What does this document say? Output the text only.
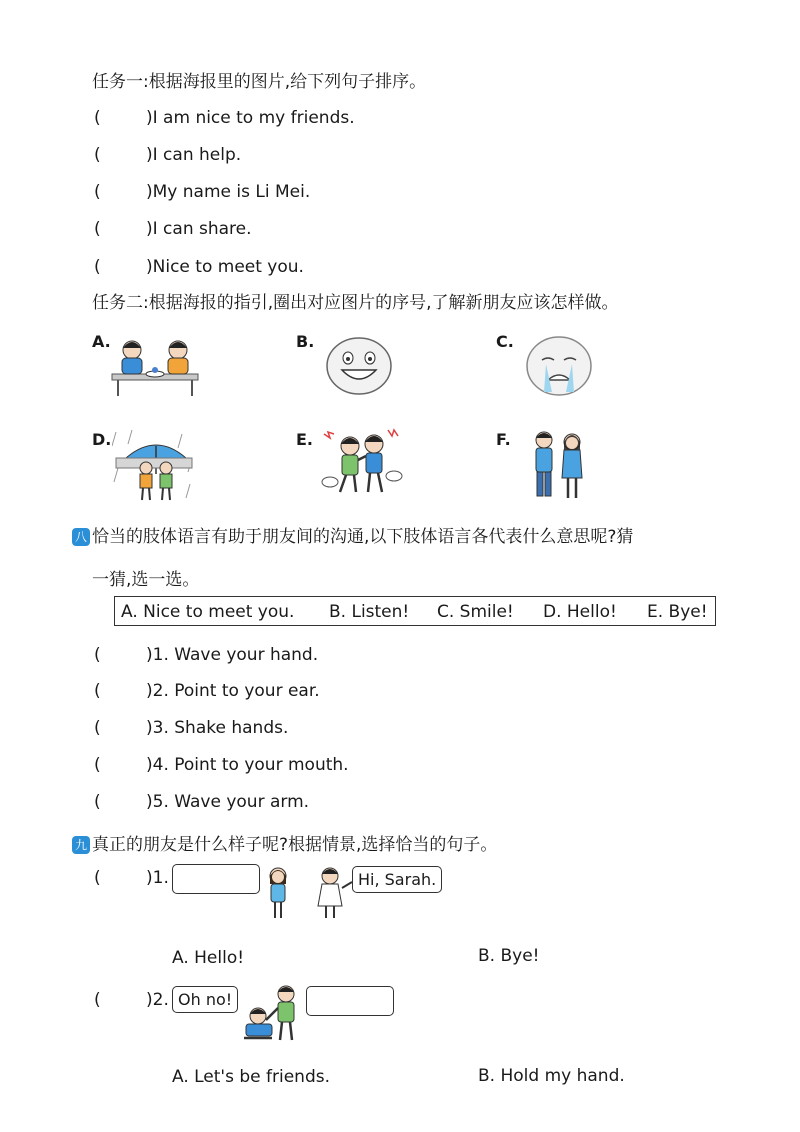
任务一:根据海报里的图片,给下列句子排序。
(	)I am nice to my friends.
(	)I can help.
(	)My name is Li Mei.
(	)I can share.
(	)Nice to meet you.
任务二:根据海报的指引,圈出对应图片的序号,了解新朋友应该怎样做。
A.	B.	C.
D.	E.	F.
八 恰当的肢体语言有助于朋友间的沟通,以下肢体语言各代表什么意思呢?猜
一猜,选一选。
A. Nice to meet you. B. Listen! C. Smile! D. Hello! E. Bye!
(	)1. Wave your hand.
(	)2. Point to your ear.
(	)3. Shake hands.
(	)4. Point to your mouth.
(	)5. Wave your arm.
九 真正的朋友是什么样子呢?根据情景,选择恰当的句子。
(	)1.	Hi, Sarah.
A. Hello!	B. Bye!
(	)2. Oh no!
A. Let's be friends.	B. Hold my hand.
